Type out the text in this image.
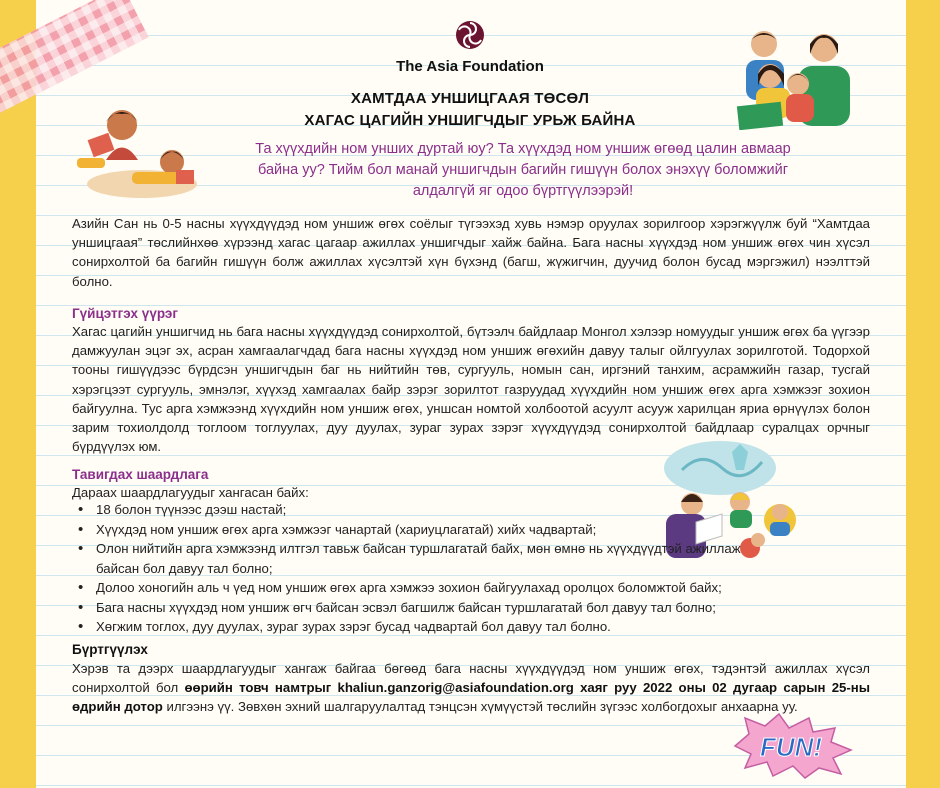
The Asia Foundation
ХАМТДАА УНШИЦГААЯ ТӨСӨЛ
ХАГАС ЦАГИЙН УНШИГЧДЫГ УРЬЖ БАЙНА
Та хүүхдийн ном унших дуртай юу? Та хүүхдэд ном уншиж өгөөд цалин авмаар
байна уу? Тийм бол манай уншигчдын багийн гишүүн болох энэхүү боломжийг
алдалгүй яг одоо бүртгүүлээрэй!
Азийн Сан нь 0-5 насны хүүхдүүдэд ном уншиж өгөх соёлыг түгээхэд хувь нэмэр оруулах зорилгоор хэрэгжүүлж буй “Хамтдаа уншицгаая” төслийнхөө хүрээнд хагас цагаар ажиллах уншигчдыг хайж байна. Бага насны хүүхдэд ном уншиж өгөх чин хүсэл сонирхолтой ба багийн гишүүн болж ажиллах хүсэлтэй хүн бүхэнд (багш, жүжигчин, дуучид болон бусад мэргэжил) нээлттэй болно.
Гүйцэтгэх үүрэг
Хагас цагийн уншигчид нь бага насны хүүхдүүдэд сонирхолтой, бүтээлч байдлаар Монгол хэлээр номуудыг уншиж өгөх ба үүгээр дамжуулан эцэг эх, асран хамгаалагчдад бага насны хүүхдэд ном уншиж өгөхийн давуу талыг ойлгуулах зорилготой. Тодорхой тооны гишүүдээс бүрдсэн уншигчдын баг нь нийтийн төв, сургууль, номын сан, иргэний танхим, асрамжийн газар, тусгай хэрэгцээт сургууль, эмнэлэг, хүүхэд хамгаалах байр зэрэг зорилтот газруудад хүүхдийн ном уншиж өгөх арга хэмжээг зохион байгуулна. Тус арга хэмжээнд хүүхдийн ном уншиж өгөх, уншсан номтой холбоотой асуулт асууж харилцан яриа өрнүүлэх болон зарим тохиолдолд тоглоом тоглуулах, дуу дуулах, зураг зурах зэрэг хүүхдүүдэд сонирхолтой байдлаар суралцах орчныг бүрдүүлэх юм.
Тавигдах шаардлага
Дараах шаардлагуудыг хангасан байх:
• 18 болон түүнээс дээш настай;
• Хүүхдэд ном уншиж өгөх арга хэмжээг чанартай (хариуцлагатай) хийх чадвартай;
• Олон нийтийн арга хэмжээнд илтгэл тавьж байсан туршлагатай байх, мөн өмнө нь хүүхдүүдтэй ажиллаж байсан бол давуу тал болно;
• Долоо хоногийн аль ч үед ном уншиж өгөх арга хэмжээ зохион байгуулахад оролцох боломжтой байх;
• Бага насны хүүхдэд ном уншиж өгч байсан эсвэл багшилж байсан туршлагатай бол давуу тал болно;
• Хөгжим тоглох, дуу дуулах, зураг зурах зэрэг бусад чадвартай бол давуу тал болно.
Бүртгүүлэх
Хэрэв та дээрх шаардлагуудыг хангаж байгаа бөгөөд бага насны хүүхдүүдэд ном уншиж өгөх, тэдэнтэй ажиллах хүсэл сонирхолтой бол өөрийн товч намтрыг khaliun.ganzorig@asiafoundation.org хаяг руу 2022 оны 02 дугаар сарын 25-ны өдрийн дотор илгээнэ үү. Зөвхөн эхний шалгаруулалтад тэнцсэн хүмүүстэй төслийн зүгээс холбогдохыг анхаарна уу.
FUN!
